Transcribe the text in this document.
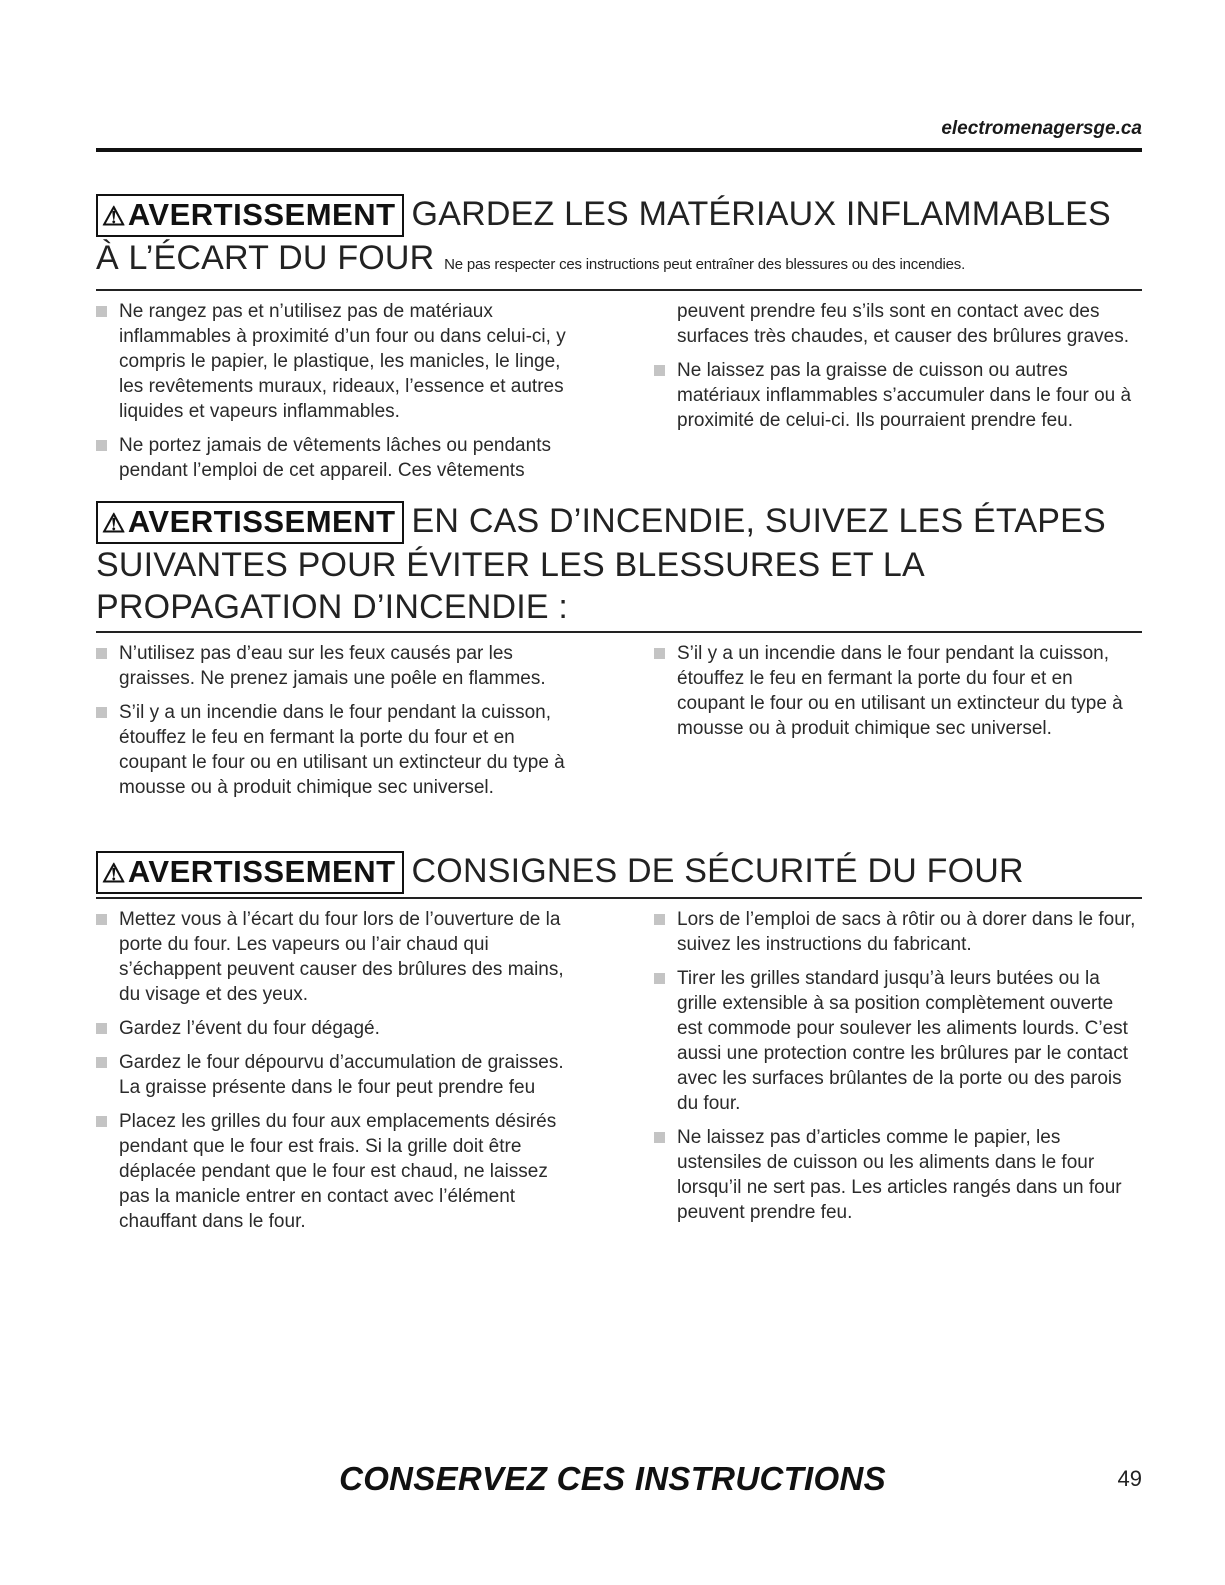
electromenagersge.ca
⚠AVERTISSEMENT GARDEZ LES MATÉRIAUX INFLAMMABLES À L’ÉCART DU FOUR Ne pas respecter ces instructions peut entraîner des blessures ou des incendies.
Ne rangez pas et n’utilisez pas de matériaux inflammables à proximité d’un four ou dans celui-ci, y compris le papier, le plastique, les manicles, le linge, les revêtements muraux, rideaux, l’essence et autres liquides et vapeurs inflammables.
Ne portez jamais de vêtements lâches ou pendants pendant l’emploi de cet appareil. Ces vêtements
peuvent prendre feu s’ils sont en contact avec des surfaces très chaudes, et causer des brûlures graves.
Ne laissez pas la graisse de cuisson ou autres matériaux inflammables s’accumuler dans le four ou à proximité de celui-ci. Ils pourraient prendre feu.
⚠AVERTISSEMENT EN CAS D’INCENDIE, SUIVEZ LES ÉTAPES SUIVANTES POUR ÉVITER LES BLESSURES ET LA PROPAGATION D’INCENDIE :
N’utilisez pas d’eau sur les feux causés par les graisses. Ne prenez jamais une poêle en flammes.
S’il y a un incendie dans le four pendant la cuisson, étouffez le feu en fermant la porte du four et en coupant le four ou en utilisant un extincteur du type à mousse ou à produit chimique sec universel.
S’il y a un incendie dans le four pendant la cuisson, étouffez le feu en fermant la porte du four et en coupant le four ou en utilisant un extincteur du type à mousse ou à produit chimique sec universel.
⚠AVERTISSEMENT CONSIGNES DE SÉCURITÉ DU FOUR
Mettez vous à l’écart du four lors de l’ouverture de la porte du four. Les vapeurs ou l’air chaud qui s’échappent peuvent causer des brûlures des mains, du visage et des yeux.
Gardez l’évent du four dégagé.
Gardez le four dépourvu d’accumulation de graisses. La graisse présente dans le four peut prendre feu
Placez les grilles du four aux emplacements désirés pendant que le four est frais. Si la grille doit être déplacée pendant que le four est chaud, ne laissez pas la manicle entrer en contact avec l’élément chauffant dans le four.
Lors de l’emploi de sacs à rôtir ou à dorer dans le four, suivez les instructions du fabricant.
Tirer les grilles standard jusqu’à leurs butées ou la grille extensible à sa position complètement ouverte est commode pour soulever les aliments lourds. C’est aussi une protection contre les brûlures par le contact avec les surfaces brûlantes de la porte ou des parois du four.
Ne laissez pas d’articles comme le papier, les ustensiles de cuisson ou les aliments dans le four lorsqu’il ne sert pas. Les articles rangés dans un four peuvent prendre feu.
CONSERVEZ CES INSTRUCTIONS	49
